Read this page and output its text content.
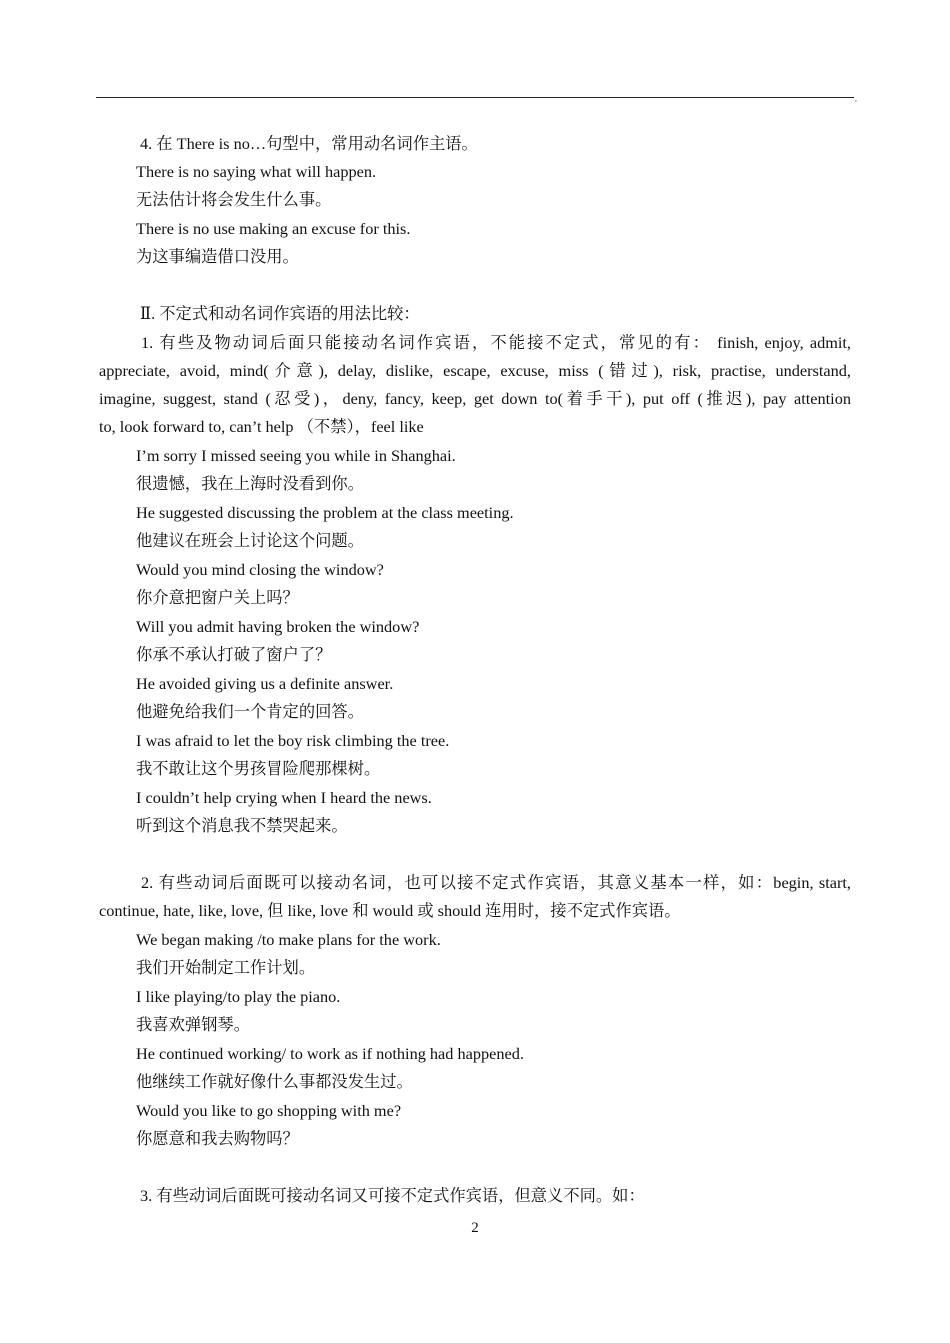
,
4. 在 There is no…句型中，常用动名词作主语。
There is no saying what will happen.
无法估计将会发生什么事。
There is no use making an excuse for this.
为这事编造借口没用。
Ⅱ. 不定式和动名词作宾语的用法比较：
1. 有些及物动词后面只能接动名词作宾语，不能接不定式，常见的有： finish, enjoy, admit,
appreciate, avoid, mind(介意), delay, dislike, escape, excuse, miss (错过), risk, practise, understand,
imagine, suggest, stand (忍受)，deny, fancy, keep, get down to(着手干), put off (推迟), pay attention
to, look forward to, can’t help （不禁），feel like
I’m sorry I missed seeing you while in Shanghai.
很遗憾，我在上海时没看到你。
He suggested discussing the problem at the class meeting.
他建议在班会上讨论这个问题。
Would you mind closing the window?
你介意把窗户关上吗？
Will you admit having broken the window?
你承不承认打破了窗户了？
He avoided giving us a definite answer.
他避免给我们一个肯定的回答。
I was afraid to let the boy risk climbing the tree.
我不敢让这个男孩冒险爬那棵树。
I couldn’t help crying when I heard the news.
听到这个消息我不禁哭起来。
2. 有些动词后面既可以接动名词，也可以接不定式作宾语，其意义基本一样，如：begin, start,
continue, hate, like, love, 但 like, love 和 would 或 should 连用时，接不定式作宾语。
We began making /to make plans for the work.
我们开始制定工作计划。
I like playing/to play the piano.
我喜欢弹钢琴。
He continued working/ to work as if nothing had happened.
他继续工作就好像什么事都没发生过。
Would you like to go shopping with me?
你愿意和我去购物吗？
3. 有些动词后面既可接动名词又可接不定式作宾语，但意义不同。如：
2
